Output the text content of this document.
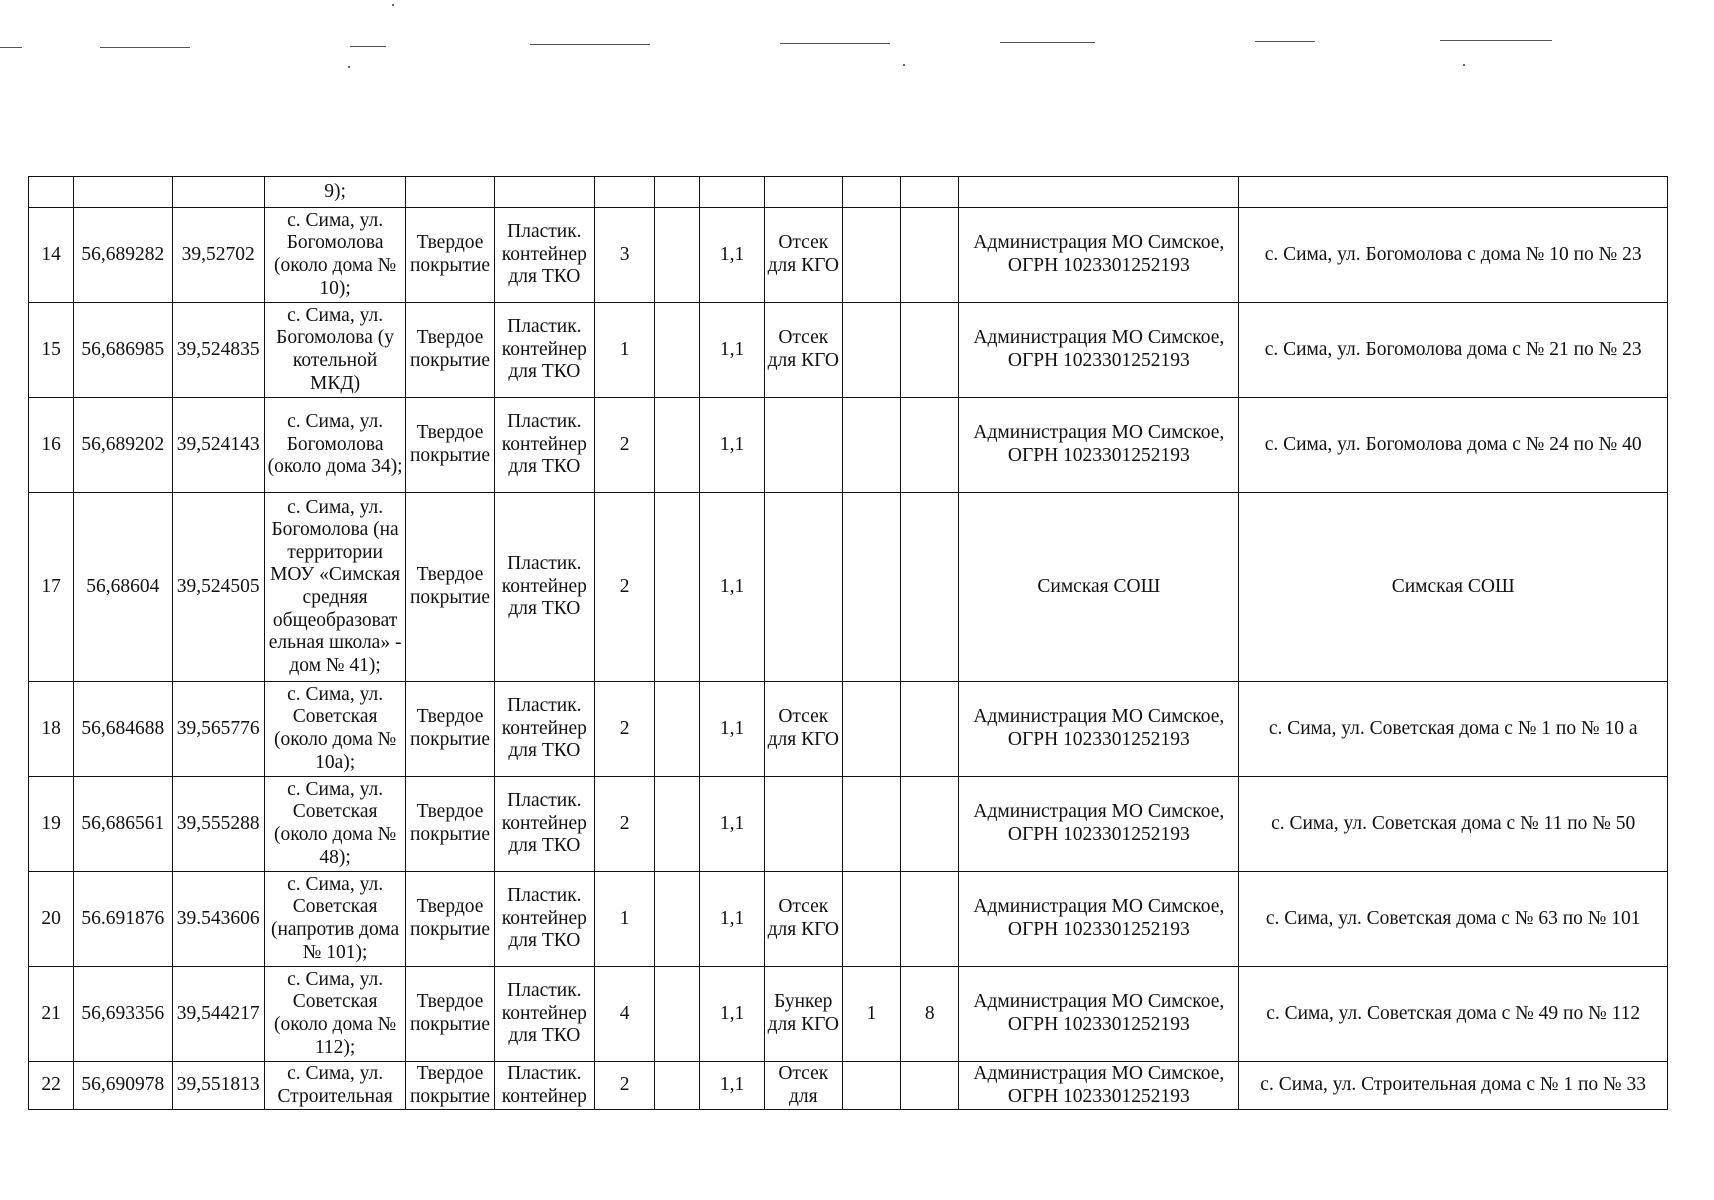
			9);										
14	56,689282	39,52702	с. Сима, ул. Богомолова (около дома № 10);	Твердое покрытие	Пластик. контейнер для ТКО	3		1,1	Отсек для КГО			Администрация МО Симское, ОГРН 1023301252193	с. Сима, ул. Богомолова с дома № 10 по № 23
15	56,686985	39,524835	с. Сима, ул. Богомолова (у котельной МКД)	Твердое покрытие	Пластик. контейнер для ТКО	1		1,1	Отсек для КГО			Администрация МО Симское, ОГРН 1023301252193	с. Сима, ул. Богомолова дома с № 21 по № 23
16	56,689202	39,524143	с. Сима, ул. Богомолова (около дома 34);	Твердое покрытие	Пластик. контейнер для ТКО	2		1,1				Администрация МО Симское, ОГРН 1023301252193	с. Сима, ул. Богомолова дома с № 24 по № 40
17	56,68604	39,524505	с. Сима, ул. Богомолова (на территории МОУ «Симская средняя общеобразоват ельная школа» - дом № 41);	Твердое покрытие	Пластик. контейнер для ТКО	2		1,1				Симская СОШ	Симская СОШ
18	56,684688	39,565776	с. Сима, ул. Советская (около дома № 10а);	Твердое покрытие	Пластик. контейнер для ТКО	2		1,1	Отсек для КГО			Администрация МО Симское, ОГРН 1023301252193	с. Сима, ул. Советская дома с № 1 по № 10 а
19	56,686561	39,555288	с. Сима, ул. Советская (около дома № 48);	Твердое покрытие	Пластик. контейнер для ТКО	2		1,1				Администрация МО Симское, ОГРН 1023301252193	с. Сима, ул. Советская дома с № 11 по № 50
20	56.691876	39.543606	с. Сима, ул. Советская (напротив дома № 101);	Твердое покрытие	Пластик. контейнер для ТКО	1		1,1	Отсек для КГО			Администрация МО Симское, ОГРН 1023301252193	с. Сима, ул. Советская дома с № 63 по № 101
21	56,693356	39,544217	с. Сима, ул. Советская (около дома № 112);	Твердое покрытие	Пластик. контейнер для ТКО	4		1,1	Бункер для КГО	1	8	Администрация МО Симское, ОГРН 1023301252193	с. Сима, ул. Советская дома с № 49 по № 112
22	56,690978	39,551813	с. Сима, ул. Строительная	Твердое покрытие	Пластик. контейнер	2		1,1	Отсек для			Администрация МО Симское, ОГРН 1023301252193	с. Сима, ул. Строительная дома с № 1 по № 33
